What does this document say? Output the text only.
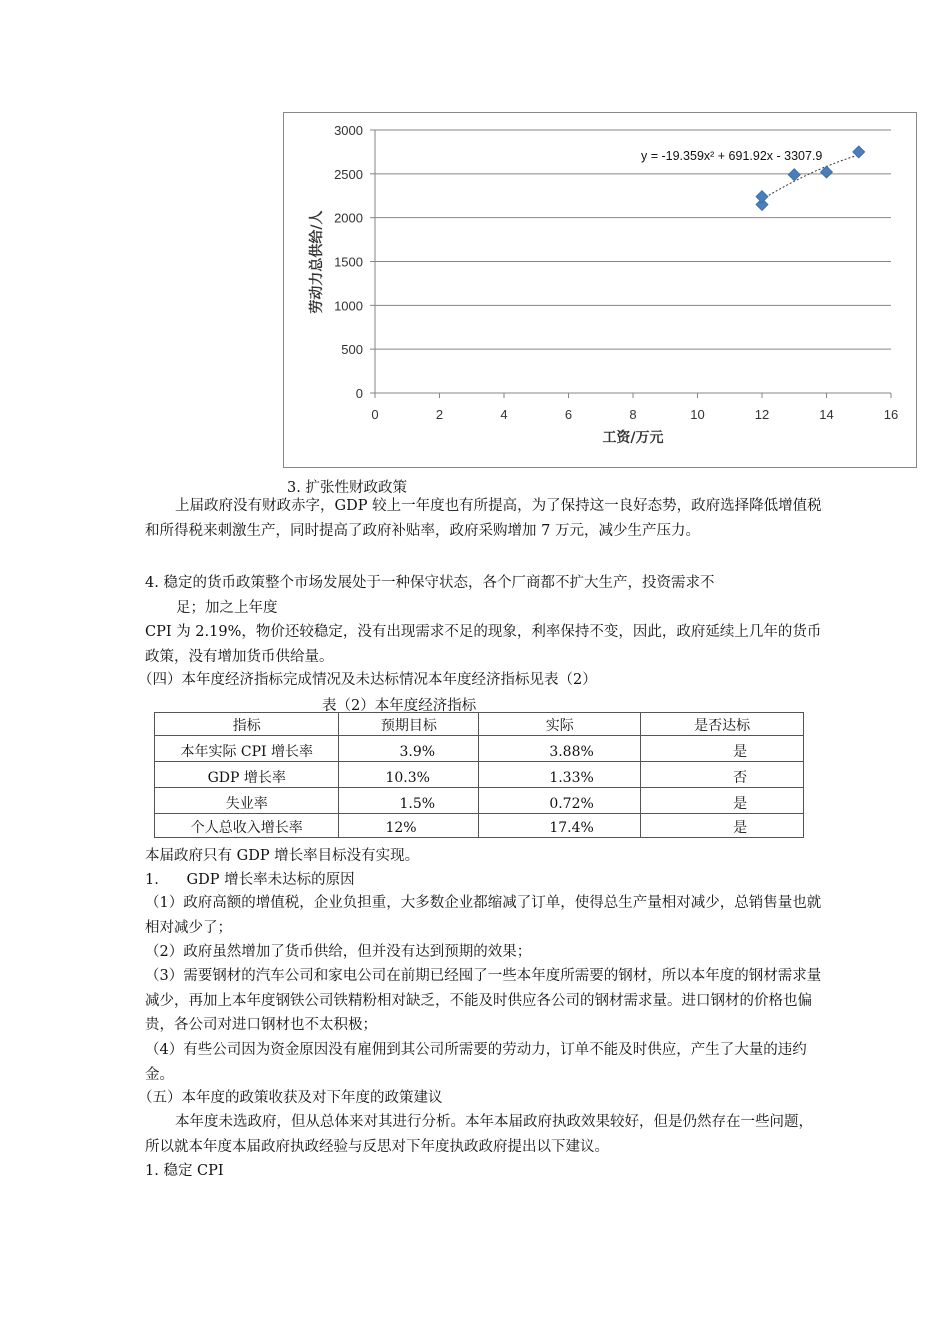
0
500
1000
1500
2000
2500
3000
0	2	4	6	8	10	12	14	16
y = -19.359x² + 691.92x - 3307.9
工资/万元
劳动力总供给/人
3. 扩张性财政政策
上届政府没有财政赤字，GDP 较上一年度也有所提高，为了保持这一良好态势，政府选择降低增值税和所得税来刺激生产，同时提高了政府补贴率，政府采购增加 7 万元，减少生产压力。
4. 稳定的货币政策整个市场发展处于一种保守状态，各个厂商都不扩大生产，投资需求不
足；加之上年度
CPI 为 2.19%，物价还较稳定，没有出现需求不足的现象，利率保持不变，因此，政府延续上几年的货币政策，没有增加货币供给量。
（四）本年度经济指标完成情况及未达标情况本年度经济指标见表（2）
表（2）本年度经济指标
指标	预期目标	实际	是否达标
本年实际 CPI 增长率	3.9%	3.88%	是
GDP 增长率	10.3%	1.33%	否
失业率	1.5%	0.72%	是
个人总收入增长率	12%	17.4%	是
本届政府只有 GDP 增长率目标没有实现。
1.      GDP 增长率未达标的原因
（1）政府高额的增值税，企业负担重，大多数企业都缩减了订单，使得总生产量相对减少，总销售量也就相对减少了；
（2）政府虽然增加了货币供给，但并没有达到预期的效果；
（3）需要钢材的汽车公司和家电公司在前期已经囤了一些本年度所需要的钢材，所以本年度的钢材需求量减少，再加上本年度钢铁公司铁精粉相对缺乏，不能及时供应各公司的钢材需求量。进口钢材的价格也偏贵，各公司对进口钢材也不太积极；
（4）有些公司因为资金原因没有雇佣到其公司所需要的劳动力，订单不能及时供应，产生了大量的违约金。
（五）本年度的政策收获及对下年度的政策建议
本年度未选政府，但从总体来对其进行分析。本年本届政府执政效果较好，但是仍然存在一些问题，所以就本年度本届政府执政经验与反思对下年度执政政府提出以下建议。
1. 稳定 CPI
